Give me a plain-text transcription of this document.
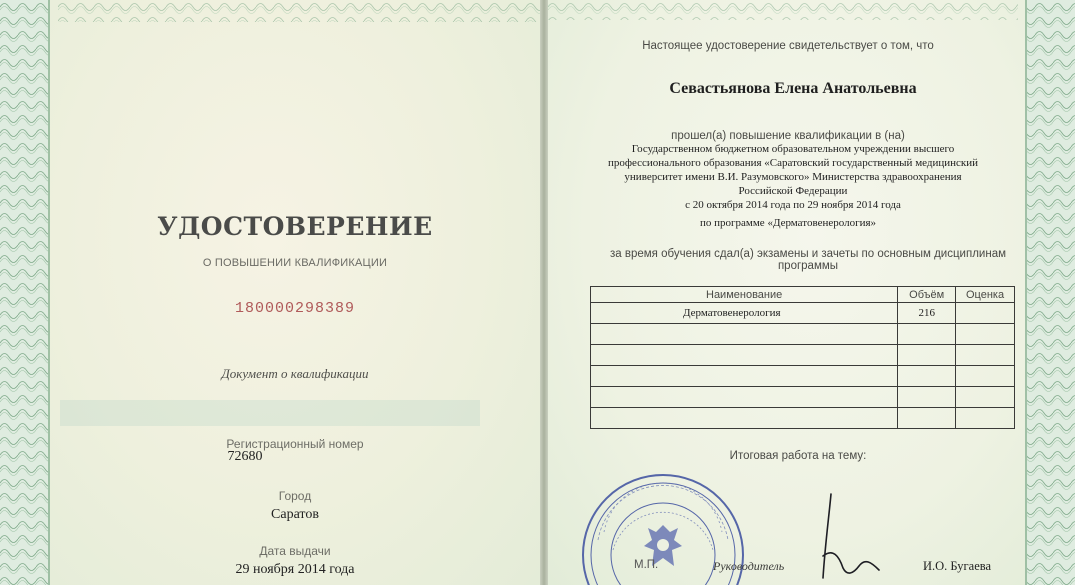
УДОСТОВЕРЕНИЕ
О ПОВЫШЕНИИ КВАЛИФИКАЦИИ
180000298389
Документ о квалификации
Регистрационный номер
72680
Город
Саратов
Дата выдачи
29 ноября 2014 года
Настоящее удостоверение свидетельствует о том, что
Севастьянова Елена Анатольевна
прошел(а) повышение квалификации в (на)
Государственном бюджетном образовательном учреждении высшего
профессионального образования «Саратовский государственный медицинский
университет имени В.И. Разумовского» Министерства здравоохранения
Российской Федерации
с 20 октября 2014 года по 29 ноября 2014 года
по программе «Дерматовенерология»
за время обучения сдал(а) экзамены и зачеты по основным дисциплинам
программы
Наименование	Объём	Оценка
Дерматовенерология	216	

Итоговая работа на тему:
М.П.	Руководитель	И.О. Бугаева
